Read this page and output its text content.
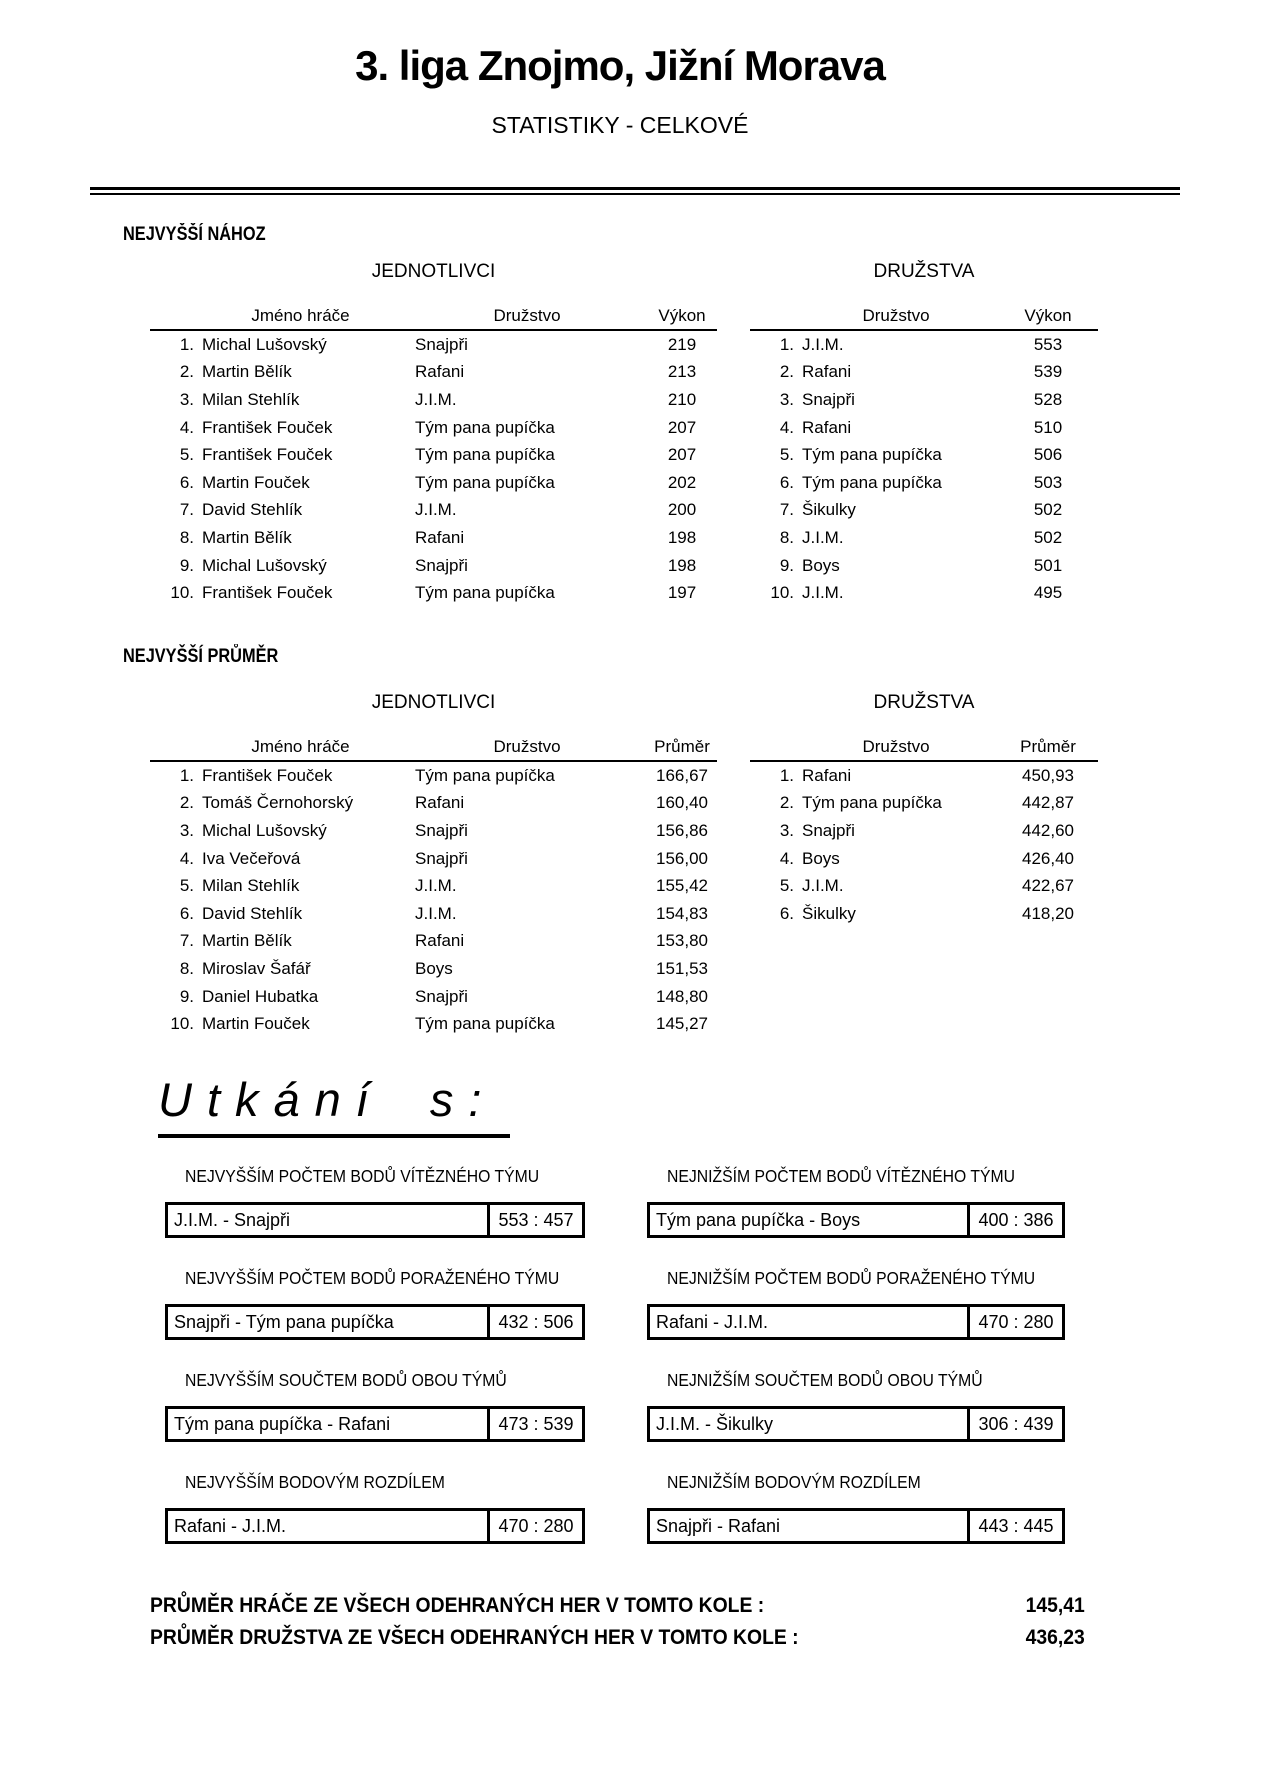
3. liga Znojmo, Jižní Morava
STATISTIKY - CELKOVÉ
NEJVYŠŠÍ NÁHOZ
JEDNOTLIVCI
Jméno hráče	Družstvo	Výkon
1. Michal Lušovský	Snajpři	219
2. Martin Bělík	Rafani	213
3. Milan Stehlík	J.I.M.	210
4. František Fouček	Tým pana pupíčka	207
5. František Fouček	Tým pana pupíčka	207
6. Martin Fouček	Tým pana pupíčka	202
7. David Stehlík	J.I.M.	200
8. Martin Bělík	Rafani	198
9. Michal Lušovský	Snajpři	198
10. František Fouček	Tým pana pupíčka	197
DRUŽSTVA
Družstvo	Výkon
1. J.I.M.	553
2. Rafani	539
3. Snajpři	528
4. Rafani	510
5. Tým pana pupíčka	506
6. Tým pana pupíčka	503
7. Šikulky	502
8. J.I.M.	502
9. Boys	501
10. J.I.M.	495
NEJVYŠŠÍ PRŮMĚR
JEDNOTLIVCI
Jméno hráče	Družstvo	Průměr
1. František Fouček	Tým pana pupíčka	166,67
2. Tomáš Černohorský	Rafani	160,40
3. Michal Lušovský	Snajpři	156,86
4. Iva Večeřová	Snajpři	156,00
5. Milan Stehlík	J.I.M.	155,42
6. David Stehlík	J.I.M.	154,83
7. Martin Bělík	Rafani	153,80
8. Miroslav Šafář	Boys	151,53
9. Daniel Hubatka	Snajpři	148,80
10. Martin Fouček	Tým pana pupíčka	145,27
DRUŽSTVA
Družstvo	Průměr
1. Rafani	450,93
2. Tým pana pupíčka	442,87
3. Snajpři	442,60
4. Boys	426,40
5. J.I.M.	422,67
6. Šikulky	418,20
Utkání s:
NEJVYŠŠÍM POČTEM BODŮ VÍTĚZNÉHO TÝMU
J.I.M. - Snajpři	553 : 457
NEJNIŽŠÍM POČTEM BODŮ VÍTĚZNÉHO TÝMU
Tým pana pupíčka - Boys	400 : 386
NEJVYŠŠÍM POČTEM BODŮ PORAŽENÉHO TÝMU
Snajpři - Tým pana pupíčka	432 : 506
NEJNIŽŠÍM POČTEM BODŮ PORAŽENÉHO TÝMU
Rafani - J.I.M.	470 : 280
NEJVYŠŠÍM SOUČTEM BODŮ OBOU TÝMŮ
Tým pana pupíčka - Rafani	473 : 539
NEJNIŽŠÍM SOUČTEM BODŮ OBOU TÝMŮ
J.I.M. - Šikulky	306 : 439
NEJVYŠŠÍM BODOVÝM ROZDÍLEM
Rafani - J.I.M.	470 : 280
NEJNIŽŠÍM BODOVÝM ROZDÍLEM
Snajpři - Rafani	443 : 445
PRŮMĚR HRÁČE ZE VŠECH ODEHRANÝCH HER V TOMTO KOLE :	145,41
PRŮMĚR DRUŽSTVA ZE VŠECH ODEHRANÝCH HER V TOMTO KOLE :	436,23
